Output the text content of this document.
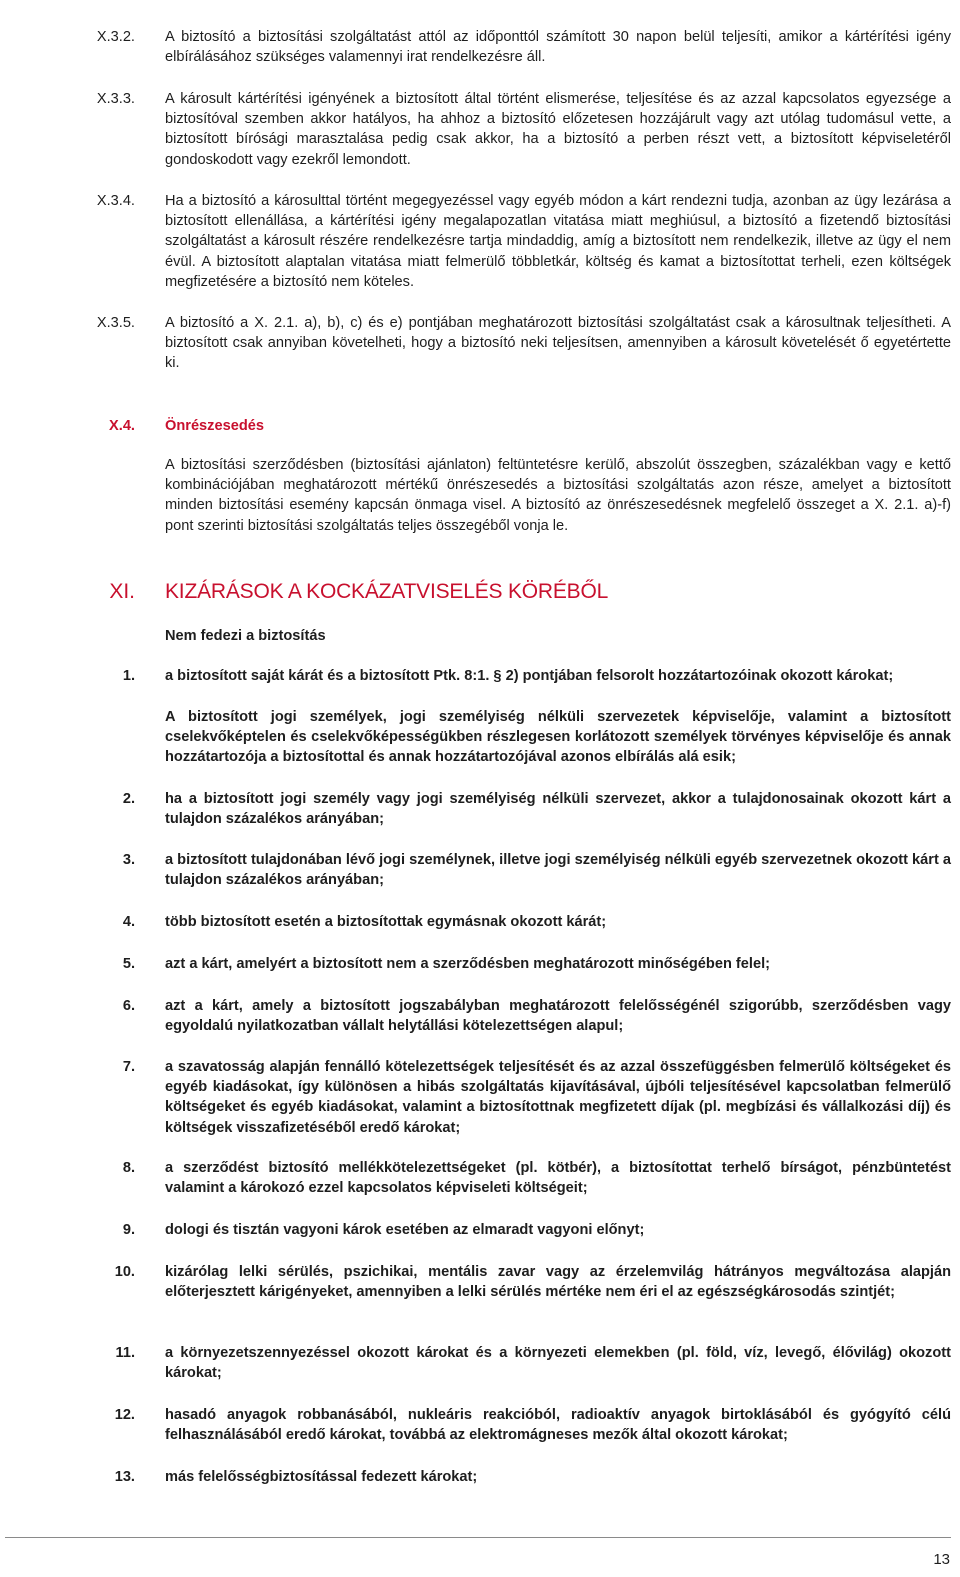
X.3.2. A biztosító a biztosítási szolgáltatást attól az időponttól számított 30 napon belül teljesíti, amikor a kártérítési igény elbírálásához szükséges valamennyi irat rendelkezésre áll.
X.3.3. A károsult kártérítési igényének a biztosított által történt elismerése, teljesítése és az azzal kapcsolatos egyezsége a biztosítóval szemben akkor hatályos, ha ahhoz a biztosító előzetesen hozzájárult vagy azt utólag tudomásul vette, a biztosított bírósági marasztalása pedig csak akkor, ha a biztosító a perben részt vett, a biztosított képviseletéről gondoskodott vagy ezekről lemondott.
X.3.4. Ha a biztosító a károsulttal történt megegyezéssel vagy egyéb módon a kárt rendezni tudja, azonban az ügy lezárása a biztosított ellenállása, a kártérítési igény megalapozatlan vitatása miatt meghiúsul, a biztosító a fizetendő biztosítási szolgáltatást a károsult részére rendelkezésre tartja mindaddig, amíg a biztosított nem rendelkezik, illetve az ügy el nem évül. A biztosított alaptalan vitatása miatt felmerülő többletkár, költség és kamat a biztosítottat terheli, ezen költségek megfizetésére a biztosító nem köteles.
X.3.5. A biztosító a X. 2.1. a), b), c) és e) pontjában meghatározott biztosítási szolgáltatást csak a károsultnak teljesítheti. A biztosított csak annyiban követelheti, hogy a biztosító neki teljesítsen, amennyiben a károsult követelését ő egyetértette ki.
X.4. Önrészesedés
A biztosítási szerződésben (biztosítási ajánlaton) feltüntetésre kerülő, abszolút összegben, százalékban vagy e kettő kombinációjában meghatározott mértékű önrészesedés a biztosítási szolgáltatás azon része, amelyet a biztosított minden biztosítási esemény kapcsán önmaga visel. A biztosító az önrészesedésnek megfelelő összeget a X. 2.1. a)-f) pont szerinti biztosítási szolgáltatás teljes összegéből vonja le.
XI. KIZÁRÁSOK A KOCKÁZATVISELÉS KÖRÉBŐL
Nem fedezi a biztosítás
1. a biztosított saját kárát és a biztosított Ptk. 8:1. § 2) pontjában felsorolt hozzátartozóinak okozott károkat;
A biztosított jogi személyek, jogi személyiség nélküli szervezetek képviselője, valamint a biztosított cselekvőképtelen és cselekvőképességükben részlegesen korlátozott személyek törvényes képviselője és annak hozzátartozója a biztosítottal és annak hozzátartozójával azonos elbírálás alá esik;
2. ha a biztosított jogi személy vagy jogi személyiség nélküli szervezet, akkor a tulajdonosainak okozott kárt a tulajdon százalékos arányában;
3. a biztosított tulajdonában lévő jogi személynek, illetve jogi személyiség nélküli egyéb szervezetnek okozott kárt a tulajdon százalékos arányában;
4. több biztosított esetén a biztosítottak egymásnak okozott kárát;
5. azt a kárt, amelyért a biztosított nem a szerződésben meghatározott minőségében felel;
6. azt a kárt, amely a biztosított jogszabályban meghatározott felelősségénél szigorúbb, szerződésben vagy egyoldalú nyilatkozatban vállalt helytállási kötelezettségen alapul;
7. a szavatosság alapján fennálló kötelezettségek teljesítését és az azzal összefüggésben felmerülő költségeket és egyéb kiadásokat, így különösen a hibás szolgáltatás kijavításával, újbóli teljesítésével kapcsolatban felmerülő költségeket és egyéb kiadásokat, valamint a biztosítottnak megfizetett díjak (pl. megbízási és vállalkozási díj) és költségek visszafizetéséből eredő károkat;
8. a szerződést biztosító mellékkötelezettségeket (pl. kötbér), a biztosítottat terhelő bírságot, pénzbüntetést valamint a károkozó ezzel kapcsolatos képviseleti költségeit;
9. dologi és tisztán vagyoni károk esetében az elmaradt vagyoni előnyt;
10. kizárólag lelki sérülés, pszichikai, mentális zavar vagy az érzelemvilág hátrányos megváltozása alapján előterjesztett kárigényeket, amennyiben a lelki sérülés mértéke nem éri el az egészségkárosodás szintjét;
11. a környezetszennyezéssel okozott károkat és a környezeti elemekben (pl. föld, víz, levegő, élővilág) okozott károkat;
12. hasadó anyagok robbanásából, nukleáris reakcióból, radioaktív anyagok birtoklásából és gyógyító célú felhasználásából eredő károkat, továbbá az elektromágneses mezők által okozott károkat;
13. más felelősségbiztosítással fedezett károkat;
13
